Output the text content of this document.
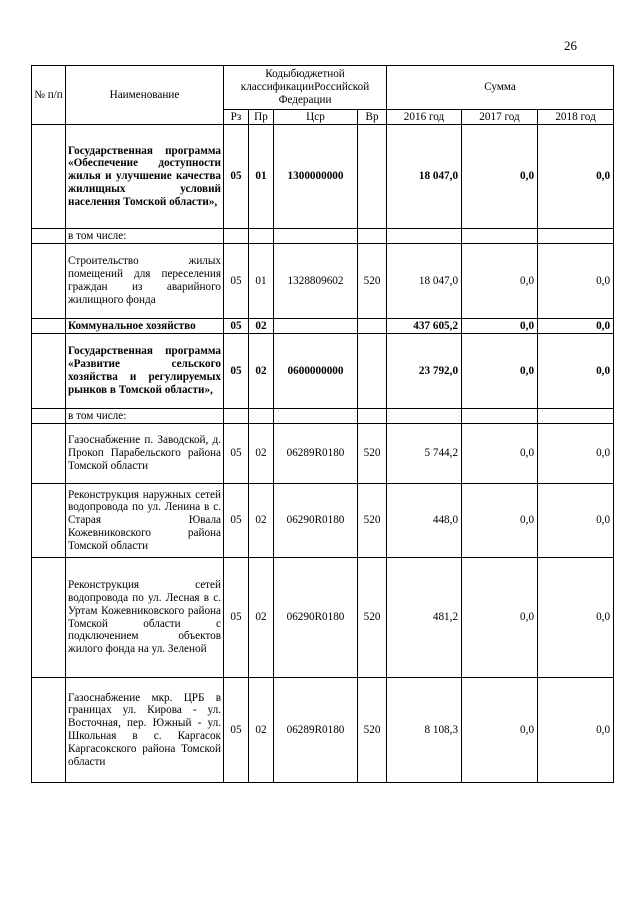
26
№ п/п	Наименование	Кодыбюджетной классификацииРоссийской Федерации				Сумма		
		Рз	Пр	Цср	Вр	2016 год	2017 год	2018 год
	Государственная программа «Обеспечение доступности жилья и улучшение качества жилищных условий населения Томской области»,	05	01	1300000000		18 047,0	0,0	0,0
	в том числе:							
	Строительство жилых помещений для переселения граждан из аварийного жилищного фонда	05	01	1328809602	520	18 047,0	0,0	0,0
	Коммунальное хозяйство	05	02			437 605,2	0,0	0,0
	Государственная программа «Развитие сельского хозяйства и регулируемых рынков в Томской области»,	05	02	0600000000		23 792,0	0,0	0,0
	в том числе:							
	Газоснабжение п. Заводской, д. Прокоп Парабельского района Томской области	05	02	06289R0180	520	5 744,2	0,0	0,0
	Реконструкция наружных сетей водопровода по ул. Ленина в с. Старая Ювала Кожевниковского района Томской области	05	02	06290R0180	520	448,0	0,0	0,0
	Реконструкция сетей водопровода по ул. Лесная в с. Уртам Кожевниковского района Томской области с подключением объектов жилого фонда на ул. Зеленой	05	02	06290R0180	520	481,2	0,0	0,0
	Газоснабжение мкр. ЦРБ в границах ул. Кирова - ул. Восточная, пер. Южный - ул. Школьная в с. Каргасок Каргасокского района Томской области	05	02	06289R0180	520	8 108,3	0,0	0,0
